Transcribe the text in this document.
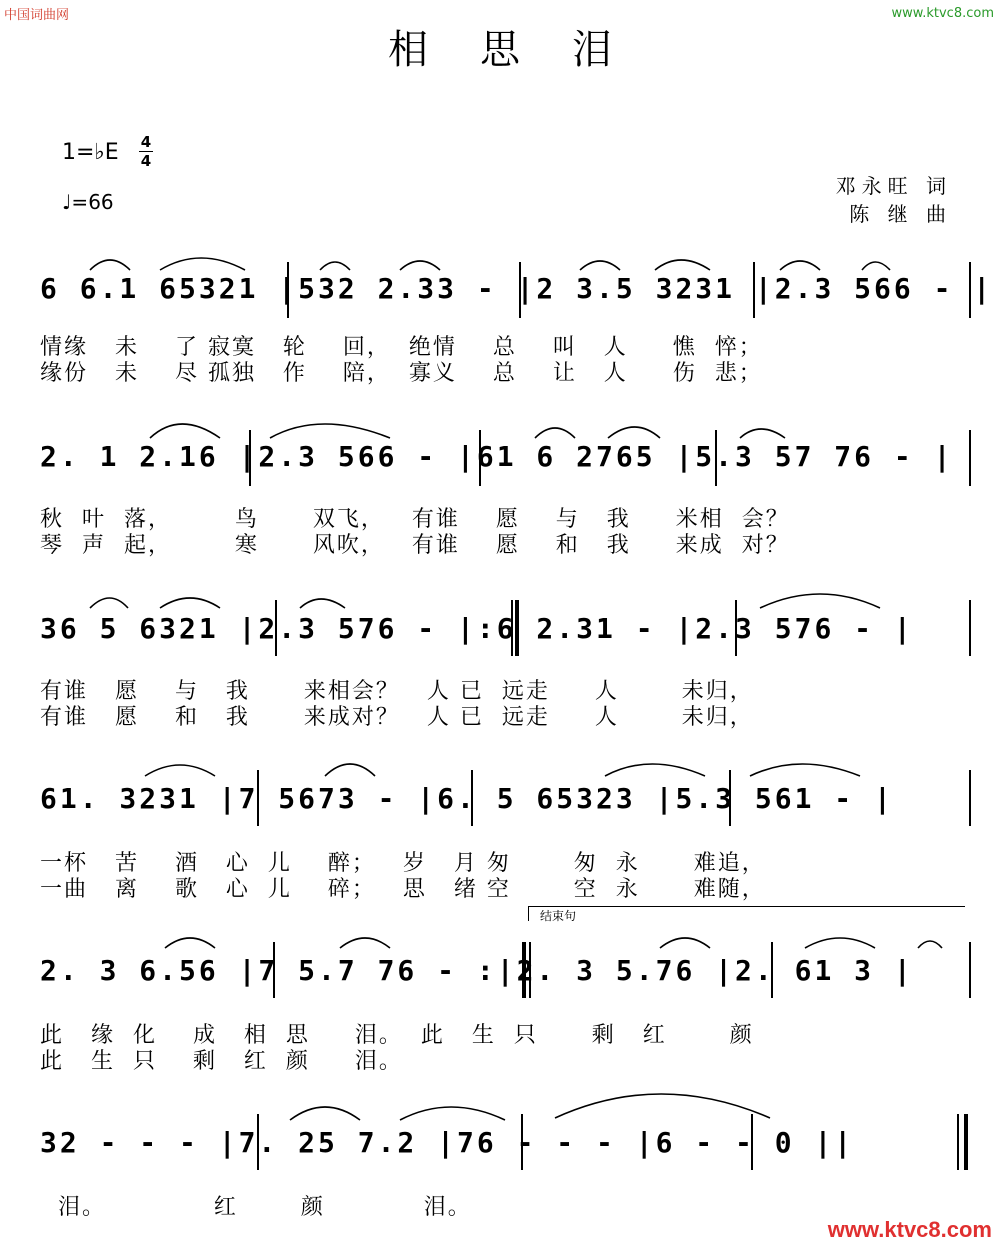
中国词曲网	www.ktvc8.com
相思泪
1=♭E 4
4
♩=66
邓永旺 词
陈 继 曲
6 6.1 65321 |532 2.33 - |2 3.5 3231 |2.3 566 - |
情缘   未    了 寂寞   轮    回，  绝情    总    叫   人     憔  悴；
缘份   未    尽 孤独   作    陪，  寡义    总    让   人     伤  悲；
2. 1 2.16 |2.3 566 - |61 6 2765 |5.3 57 76 - |
秋  叶  落，       鸟      双飞，   有谁    愿    与   我     米相  会？
琴  声  起，       寒      风吹，   有谁    愿    和   我     来成  对？
36 5 6321 |2.3 576 - |:6 2.31 - |2.3 576 - |
有谁   愿    与   我      来相会？   人 已  远走     人       未归，
有谁   愿    和   我      来成对？   人 已  远走     人       未归，
61. 3231 |7 5673 - |6. 5 65323 |5.3 561 - |
一杯   苦    酒   心  儿    醉；   岁   月 匆       匆  永      难追，
一曲   离    歌   心  儿    碎；   思   绪 空       空  永      难随，
结束句
2. 3 6.56 |7 5.7 76 - :|2. 3 5.76 |2. 61 3 |
此   缘  化    成   相  思     泪。  此   生  只      剩   红       颜
此   生  只    剩   红  颜     泪。
32 - - - |7. 25 7.2 |76 - - - |6 - - 0 ||
泪。            红       颜           泪。
www.ktvc8.com
